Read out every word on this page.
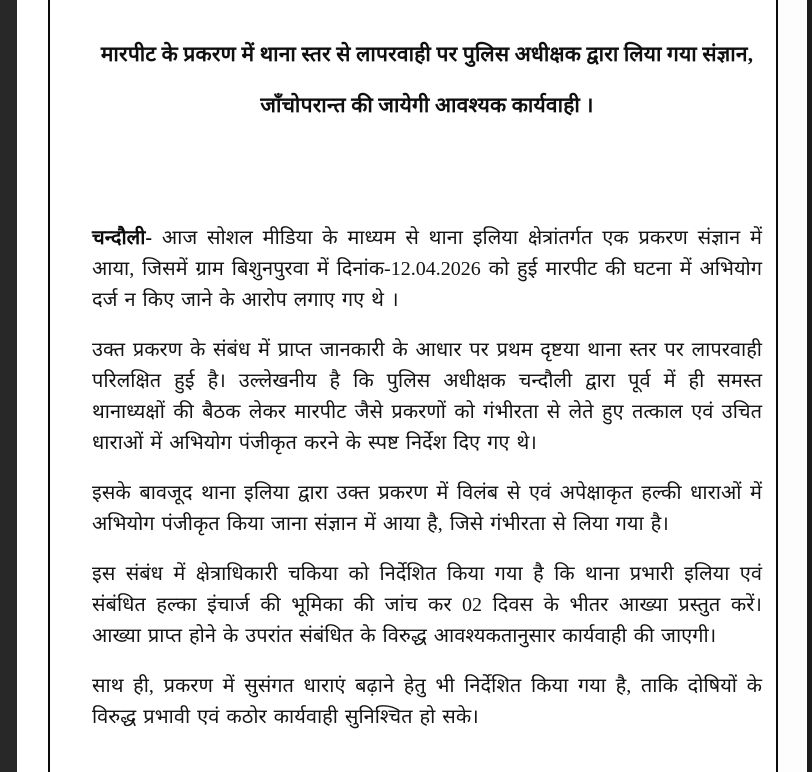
मारपीट के प्रकरण में थाना स्तर से लापरवाही पर पुलिस अधीक्षक द्वारा लिया गया संज्ञान,
जाँचोपरान्त की जायेगी आवश्यक कार्यवाही ।

चन्दौली- आज सोशल मीडिया के माध्यम से थाना इलिया क्षेत्रांतर्गत एक प्रकरण संज्ञान में आया, जिसमें ग्राम बिशुनपुरवा में दिनांक-12.04.2026 को हुई मारपीट की घटना में अभियोग दर्ज न किए जाने के आरोप लगाए गए थे ।

उक्त प्रकरण के संबंध में प्राप्त जानकारी के आधार पर प्रथम दृष्टया थाना स्तर पर लापरवाही परिलक्षित हुई है। उल्लेखनीय है कि पुलिस अधीक्षक चन्दौली द्वारा पूर्व में ही समस्त थानाध्यक्षों की बैठक लेकर मारपीट जैसे प्रकरणों को गंभीरता से लेते हुए तत्काल एवं उचित धाराओं में अभियोग पंजीकृत करने के स्पष्ट निर्देश दिए गए थे।

इसके बावजूद थाना इलिया द्वारा उक्त प्रकरण में विलंब से एवं अपेक्षाकृत हल्की धाराओं में अभियोग पंजीकृत किया जाना संज्ञान में आया है, जिसे गंभीरता से लिया गया है।

इस संबंध में क्षेत्राधिकारी चकिया को निर्देशित किया गया है कि थाना प्रभारी इलिया एवं संबंधित हल्का इंचार्ज की भूमिका की जांच कर 02 दिवस के भीतर आख्या प्रस्तुत करें। आख्या प्राप्त होने के उपरांत संबंधित के विरुद्ध आवश्यकतानुसार कार्यवाही की जाएगी।

साथ ही, प्रकरण में सुसंगत धाराएं बढ़ाने हेतु भी निर्देशित किया गया है, ताकि दोषियों के विरुद्ध प्रभावी एवं कठोर कार्यवाही सुनिश्चित हो सके।
